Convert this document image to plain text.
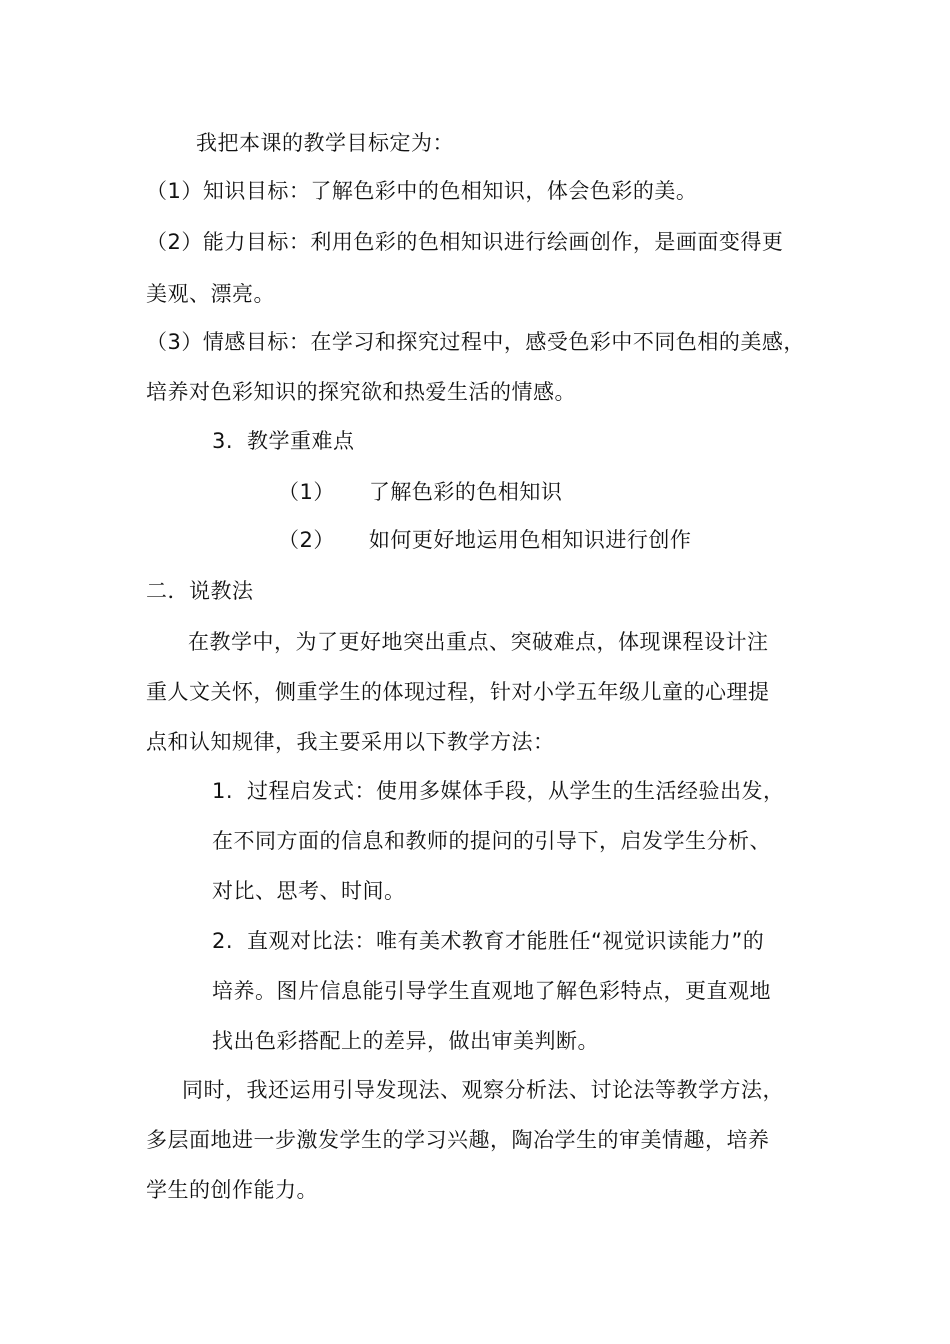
我把本课的教学目标定为：
（1）知识目标：了解色彩中的色相知识，体会色彩的美。
（2）能力目标：利用色彩的色相知识进行绘画创作，是画面变得更
美观、漂亮。
（3）情感目标：在学习和探究过程中，感受色彩中不同色相的美感，
培养对色彩知识的探究欲和热爱生活的情感。
3. 教学重难点
（1） 了解色彩的色相知识
（2） 如何更好地运用色相知识进行创作
二．说教法
在教学中，为了更好地突出重点、突破难点，体现课程设计注
重人文关怀，侧重学生的体现过程，针对小学五年级儿童的心理提
点和认知规律，我主要采用以下教学方法：
1. 过程启发式：使用多媒体手段，从学生的生活经验出发，
在不同方面的信息和教师的提问的引导下，启发学生分析、
对比、思考、时间。
2. 直观对比法：唯有美术教育才能胜任“视觉识读能力”的
培养。图片信息能引导学生直观地了解色彩特点，更直观地
找出色彩搭配上的差异，做出审美判断。
同时，我还运用引导发现法、观察分析法、讨论法等教学方法，
多层面地进一步激发学生的学习兴趣，陶冶学生的审美情趣，培养
学生的创作能力。
